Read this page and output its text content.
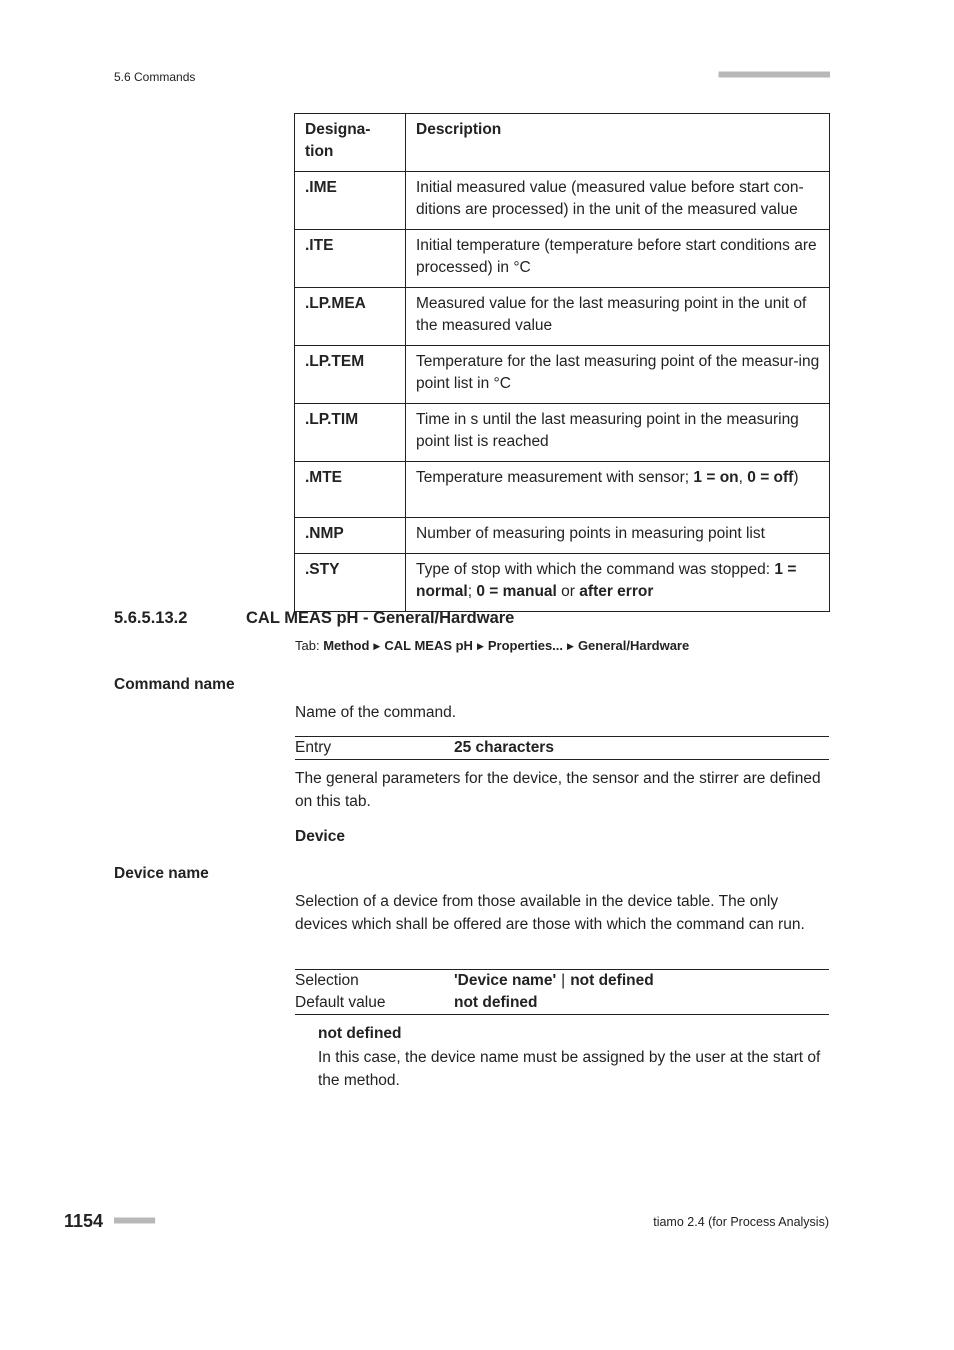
5.6 Commands	■■■■■■■■■■■■■■■■■■■■■■
Designa-
tion	Description
.IME	Initial measured value (measured value before start con-ditions are processed) in the unit of the measured value
.ITE	Initial temperature (temperature before start conditions are processed) in °C
.LP.MEA	Measured value for the last measuring point in the unit of the measured value
.LP.TEM	Temperature for the last measuring point of the measur-ing point list in °C
.LP.TIM	Time in s until the last measuring point in the measuring point list is reached
.MTE	Temperature measurement with sensor; 1 = on, 0 = off)
.NMP	Number of measuring points in measuring point list
.STY	Type of stop with which the command was stopped: 1 = normal; 0 = manual or after error
5.6.5.13.2	CAL MEAS pH - General/Hardware
Tab: Method ▶ CAL MEAS pH ▶ Properties... ▶ General/Hardware
Command name
Name of the command.
Entry	25 characters
The general parameters for the device, the sensor and the stirrer are defined on this tab.
Device
Device name
Selection of a device from those available in the device table. The only devices which shall be offered are those with which the command can run.
Selection	'Device name' | not defined
Default value	not defined
not defined
In this case, the device name must be assigned by the user at the start of the method.
1154 ■■■■■■■■	tiamo 2.4 (for Process Analysis)
